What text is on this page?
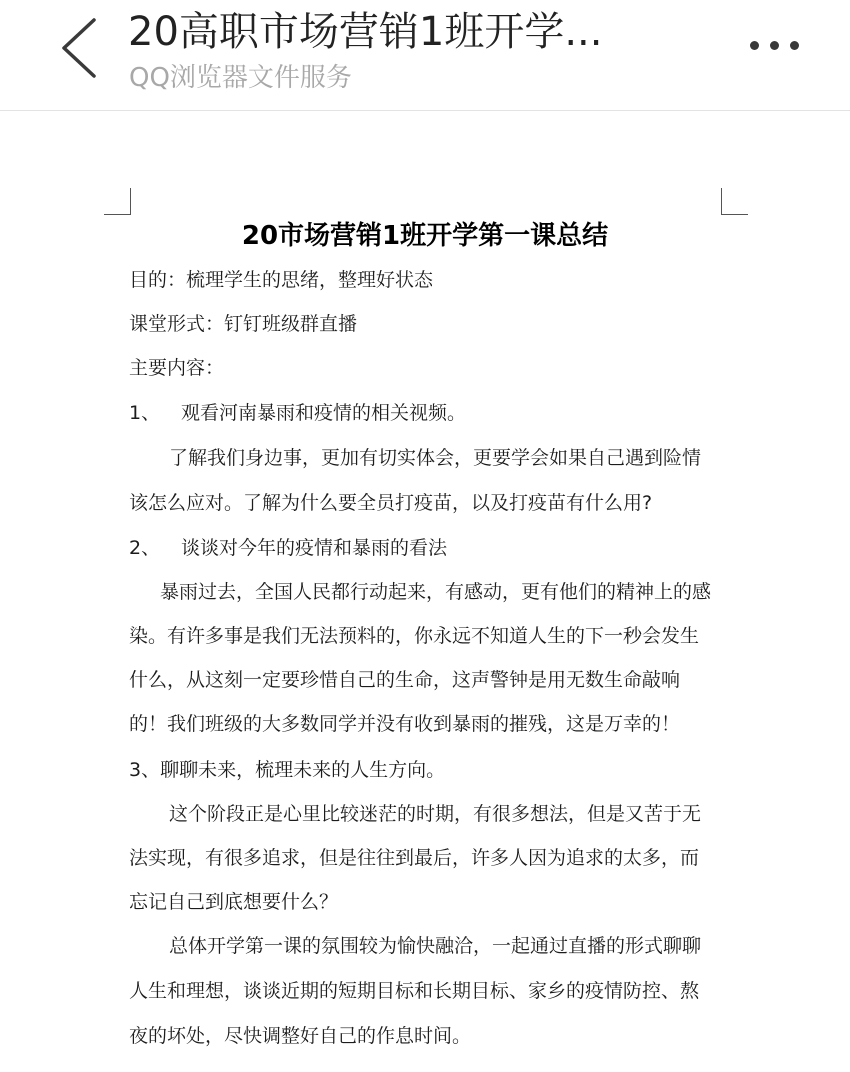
20高职市场营销1班开学...
QQ浏览器文件服务
20市场营销1班开学第一课总结
目的：梳理学生的思绪，整理好状态
课堂形式：钉钉班级群直播
主要内容：
1、 观看河南暴雨和疫情的相关视频。
了解我们身边事，更加有切实体会，更要学会如果自己遇到险情
该怎么应对。了解为什么要全员打疫苗，以及打疫苗有什么用?
2、 谈谈对今年的疫情和暴雨的看法
暴雨过去，全国人民都行动起来，有感动，更有他们的精神上的感
染。有许多事是我们无法预料的，你永远不知道人生的下一秒会发生
什么，从这刻一定要珍惜自己的生命，这声警钟是用无数生命敲响
的！我们班级的大多数同学并没有收到暴雨的摧残，这是万幸的！
3、聊聊未来，梳理未来的人生方向。
这个阶段正是心里比较迷茫的时期，有很多想法，但是又苦于无
法实现，有很多追求，但是往往到最后，许多人因为追求的太多，而
忘记自己到底想要什么？
总体开学第一课的氛围较为愉快融洽，一起通过直播的形式聊聊
人生和理想，谈谈近期的短期目标和长期目标、家乡的疫情防控、熬
夜的坏处，尽快调整好自己的作息时间。
